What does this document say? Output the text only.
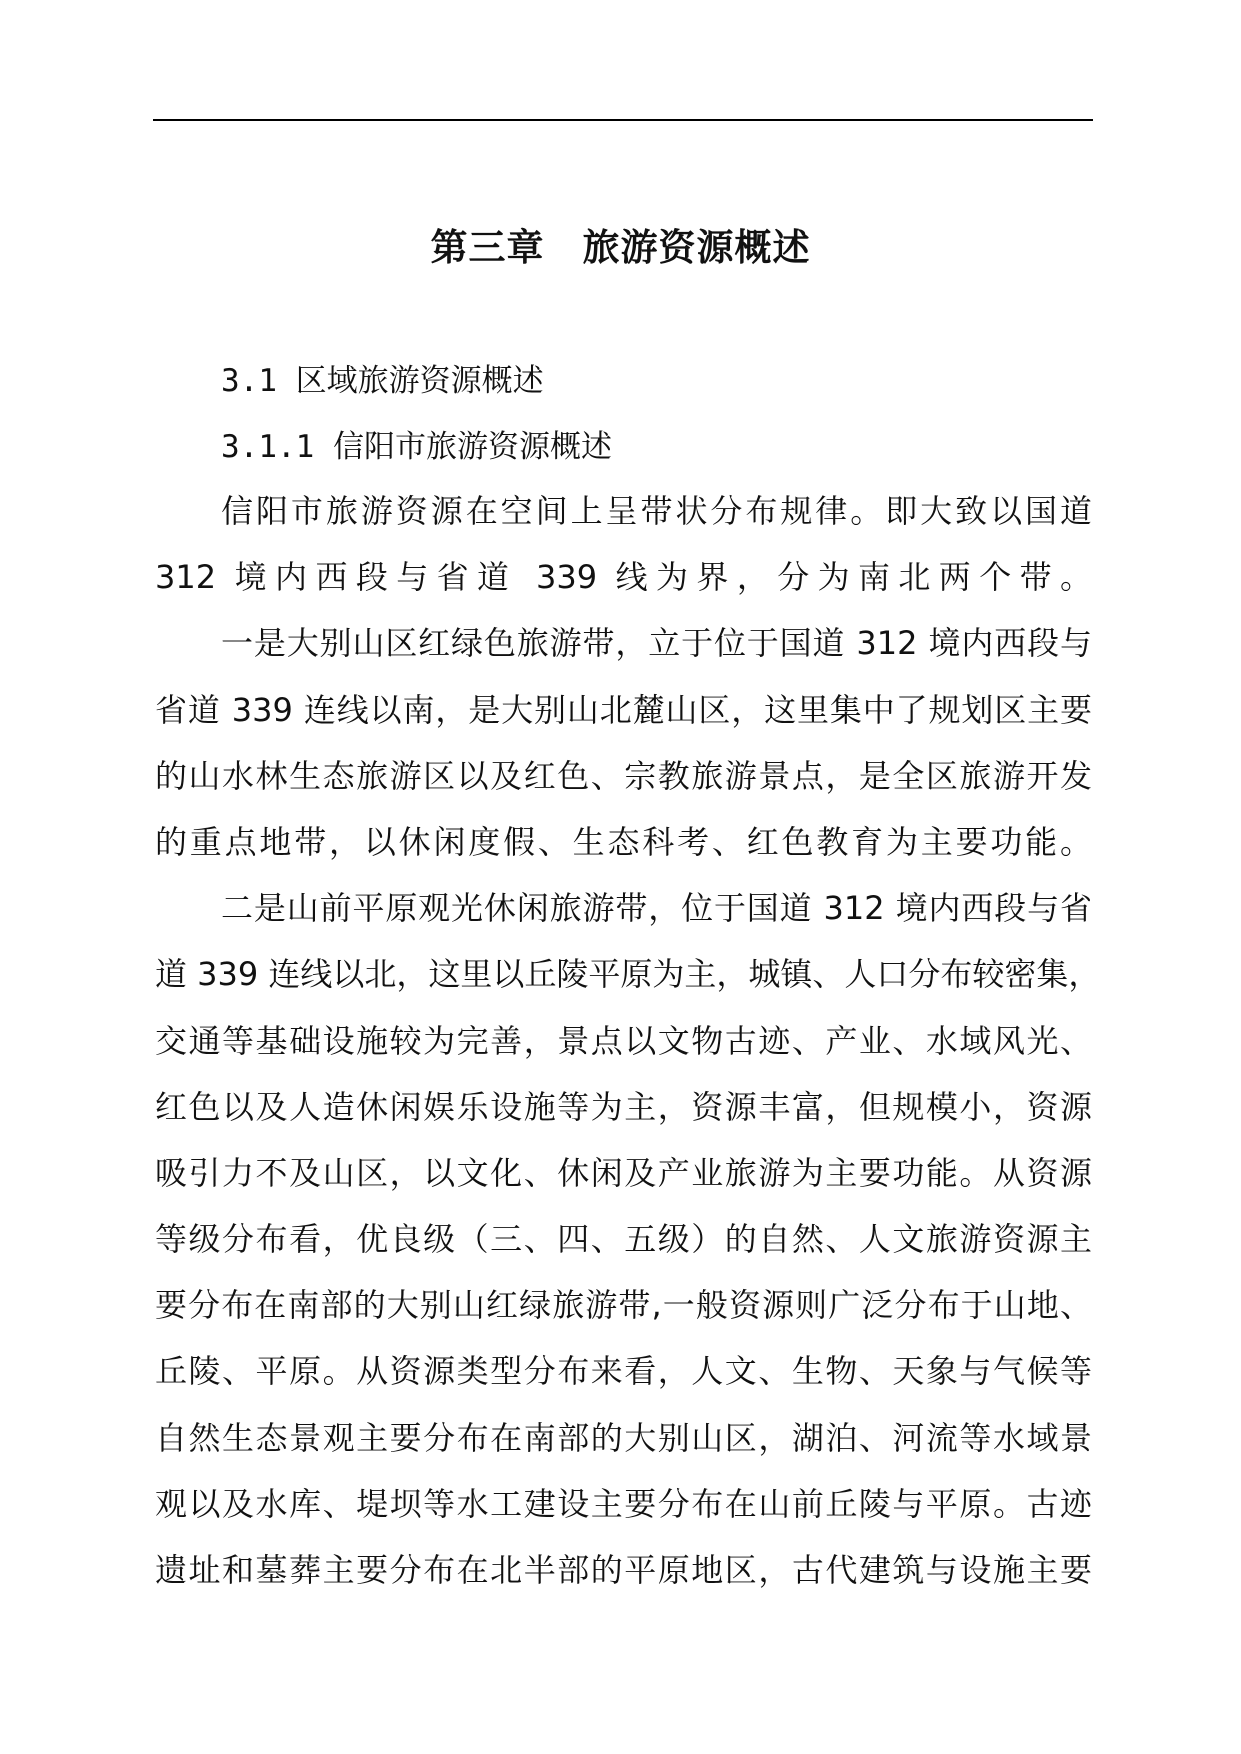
第三章　旅游资源概述
3.1 区域旅游资源概述
3.1.1 信阳市旅游资源概述
信阳市旅游资源在空间上呈带状分布规律。即大致以国道
312 境内西段与省道 339 线为界，分为南北两个带。
一是大别山区红绿色旅游带，立于位于国道 312 境内西段与
省道 339 连线以南，是大别山北麓山区，这里集中了规划区主要
的山水林生态旅游区以及红色、宗教旅游景点，是全区旅游开发
的重点地带，以休闲度假、生态科考、红色教育为主要功能。
二是山前平原观光休闲旅游带，位于国道 312 境内西段与省
道 339 连线以北，这里以丘陵平原为主，城镇、人口分布较密集，
交通等基础设施较为完善，景点以文物古迹、产业、水域风光、
红色以及人造休闲娱乐设施等为主，资源丰富，但规模小，资源
吸引力不及山区，以文化、休闲及产业旅游为主要功能。从资源
等级分布看，优良级（三、四、五级）的自然、人文旅游资源主
要分布在南部的大别山红绿旅游带,一般资源则广泛分布于山地、
丘陵、平原。从资源类型分布来看，人文、生物、天象与气候等
自然生态景观主要分布在南部的大别山区，湖泊、河流等水域景
观以及水库、堤坝等水工建设主要分布在山前丘陵与平原。古迹
遗址和墓葬主要分布在北半部的平原地区，古代建筑与设施主要
